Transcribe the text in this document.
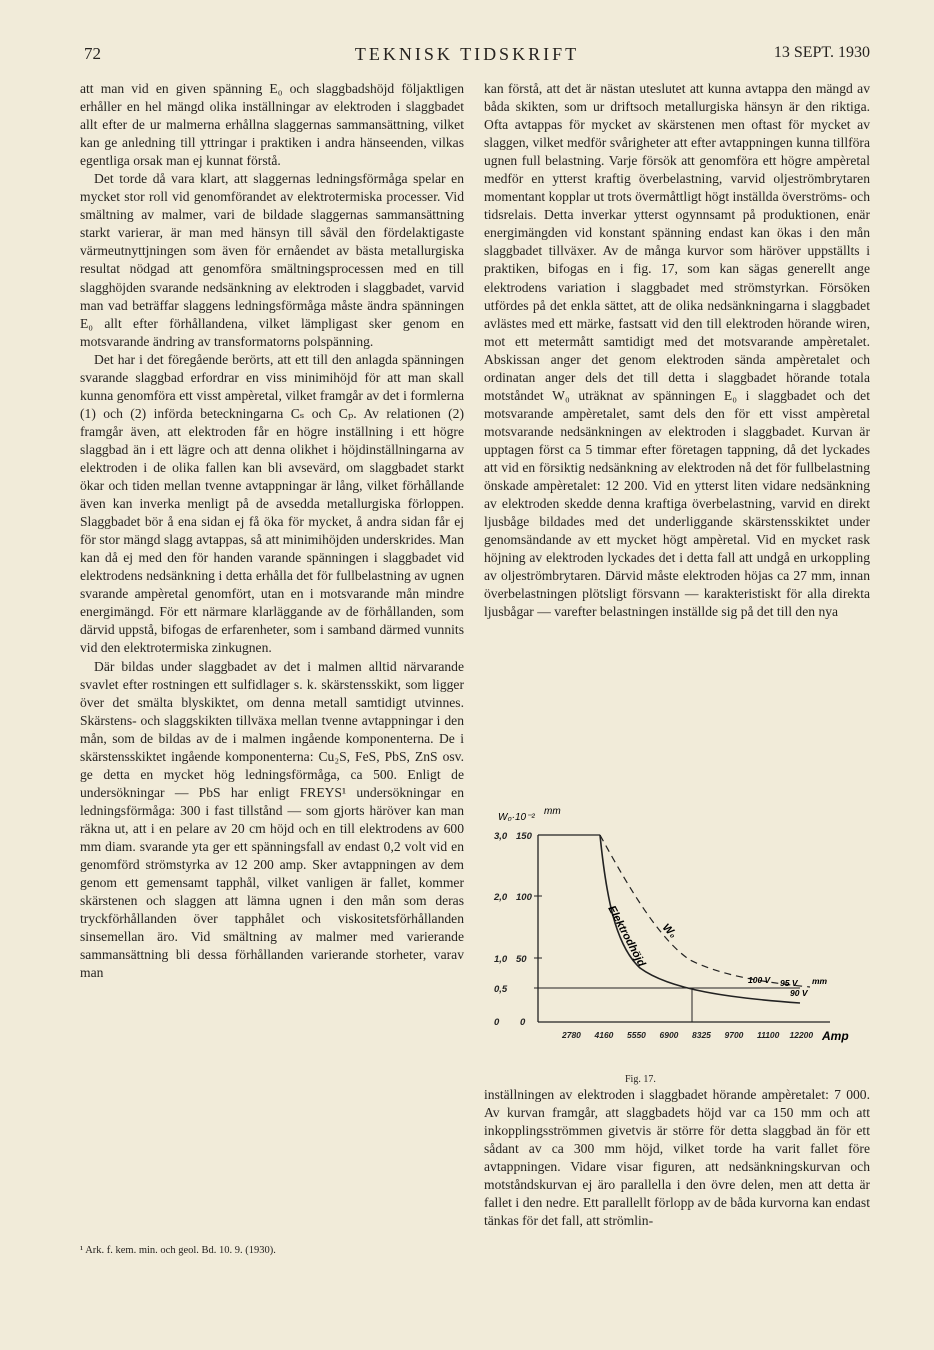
72	TEKNISK TIDSKRIFT	13 SEPT. 1930

att man vid en given spänning E₀ och slaggbadshöjd följaktligen erhåller en hel mängd olika inställningar av elektroden i slaggbadet allt efter de ur malmerna erhållna slaggernas sammansättning, vilket kan ge anledning till yttringar i praktiken i andra hänseenden, vilkas egentliga orsak man ej kunnat förstå.

Det torde då vara klart, att slaggernas ledningsförmåga spelar en mycket stor roll vid genomförandet av elektrotermiska processer. Vid smältning av malmer, vari de bildade slaggernas sammansättning starkt varierar, är man med hänsyn till såväl den fördelaktigaste värmeutnyttjningen som även för ernåendet av bästa metallurgiska resultat nödgad att genomföra smältningsprocessen med en till slagghöjden svarande nedsänkning av elektroden i slaggbadet, varvid man vad beträffar slaggens ledningsförmåga måste ändra spänningen E₀ allt efter förhållandena, vilket lämpligast sker genom en motsvarande ändring av transformatorns polspänning.

Det har i det föregående berörts, att ett till den anlagda spänningen svarande slaggbad erfordrar en viss minimihöjd för att man skall kunna genomföra ett visst ampèretal, vilket framgår av det i formlerna (1) och (2) införda beteckningarna Cₛ och Cₚ. Av relationen (2) framgår även, att elektroden får en högre inställning i ett högre slaggbad än i ett lägre och att denna olikhet i höjdinställningarna av elektroden i de olika fallen kan bli avsevärd, om slaggbadet starkt ökar och tiden mellan tvenne avtappningar är lång, vilket förhållande även kan inverka menligt på de avsedda metallurgiska förloppen. Slaggbadet bör å ena sidan ej få öka för mycket, å andra sidan får ej för stor mängd slagg avtappas, så att minimihöjden underskrides. Man kan då ej med den för handen varande spänningen i slaggbadet vid elektrodens nedsänkning i detta erhålla det för fullbelastning av ugnen svarande ampèretal genomfört, utan en i motsvarande mån mindre energimängd. För ett närmare klarläggande av de förhållanden, som därvid uppstå, bifogas de erfarenheter, som i samband därmed vunnits vid den elektrotermiska zinkugnen.

Där bildas under slaggbadet av det i malmen alltid närvarande svavlet efter rostningen ett sulfidlager s. k. skärstensskikt, som ligger över det smälta blyskiktet, om denna metall samtidigt utvinnes. Skärstens- och slaggskikten tillväxa mellan tvenne avtappningar i den mån, som de bildas av de i malmen ingående komponenterna. De i skärstensskiktet ingående komponenterna: Cu₂S, FeS, PbS, ZnS osv. ge detta en mycket hög ledningsförmåga, ca 500. Enligt de undersökningar — PbS har enligt FREYS¹ undersökningar en ledningsförmåga: 300 i fast tillstånd — som gjorts häröver kan man räkna ut, att i en pelare av 20 cm höjd och en till elektrodens av 600 mm diam. svarande yta ger ett spänningsfall av endast 0,2 volt vid en genomförd strömstyrka av 12 200 amp. Sker avtappningen av dem genom ett gemensamt tapphål, vilket vanligen är fallet, kommer skärstenen och slaggen att lämna ugnen i den mån som deras tryckförhållanden över tapphålet och viskositetsförhållanden sinsemellan äro. Vid smältning av malmer med varierande sammansättning bli dessa förhållanden varierande storheter, varav man

¹ Ark. f. kem. min. och geol. Bd. 10. 9. (1930).

kan förstå, att det är nästan uteslutet att kunna avtappa den mängd av båda skikten, som ur driftsoch metallurgiska hänsyn är den riktiga. Ofta avtappas för mycket av skärstenen men oftast för mycket av slaggen, vilket medför svårigheter att efter avtappningen kunna tillföra ugnen full belastning. Varje försök att genomföra ett högre ampèretal medför en ytterst kraftig överbelastning, varvid oljeströmbrytaren momentant kopplar ut trots övermåttligt högt inställda överströms- och tidsrelais. Detta inverkar ytterst ogynnsamt på produktionen, enär energimängden vid konstant spänning endast kan ökas i den mån slaggbadet tillväxer. Av de många kurvor som häröver uppställts i praktiken, bifogas en i fig. 17, som kan sägas generellt ange elektrodens variation i slaggbadet med strömstyrkan. Försöken utfördes på det enkla sättet, att de olika nedsänkningarna i slaggbadet avlästes med ett märke, fastsatt vid den till elektroden hörande wiren, mot ett metermått samtidigt med det motsvarande ampèretalet. Abskissan anger det genom elektroden sända ampèretalet och ordinatan anger dels det till detta i slaggbadet hörande totala motståndet W₀ uträknat av spänningen E₀ i slaggbadet och det motsvarande ampèretalet, samt dels den för ett visst ampèretal motsvarande nedsänkningen av elektroden i slaggbadet. Kurvan är upptagen först ca 5 timmar efter företagen tappning, då det lyckades att vid en försiktig nedsänkning av elektroden nå det för fullbelastning önskade ampèretalet: 12 200. Vid en ytterst liten vidare nedsänkning av elektroden skedde denna kraftiga överbelastning, varvid en direkt ljusbåge bildades med det underliggande skärstensskiktet under genomsändande av ett mycket högt ampèretal. Vid en mycket rask höjning av elektroden lyckades det i detta fall att undgå en urkoppling av oljeströmbrytaren. Därvid måste elektroden höjas ca 27 mm, innan överbelastningen plötsligt försvann — karakteristiskt för alla direkta ljusbågar — varefter belastningen inställde sig på det till den nya

W₀·10⁻²
mm
3,0 150
2,0 100
1,0 50
0,5
0 0
2780 4160 5550 6900 8325 9700 11100 12200 Amp
Elektrodhöjd W₀
100 V 95 V
90 V
mm
Fig. 17.

inställningen av elektroden i slaggbadet hörande ampèretalet: 7 000. Av kurvan framgår, att slaggbadets höjd var ca 150 mm och att inkopplingsströmmen givetvis är större för detta slaggbad än för ett sådant av ca 300 mm höjd, vilket torde ha varit fallet före avtappningen. Vidare visar figuren, att nedsänkningskurvan och motståndskurvan ej äro parallella i den övre delen, men att detta är fallet i den nedre. Ett parallellt förlopp av de båda kurvorna kan endast tänkas för det fall, att strömlin-
